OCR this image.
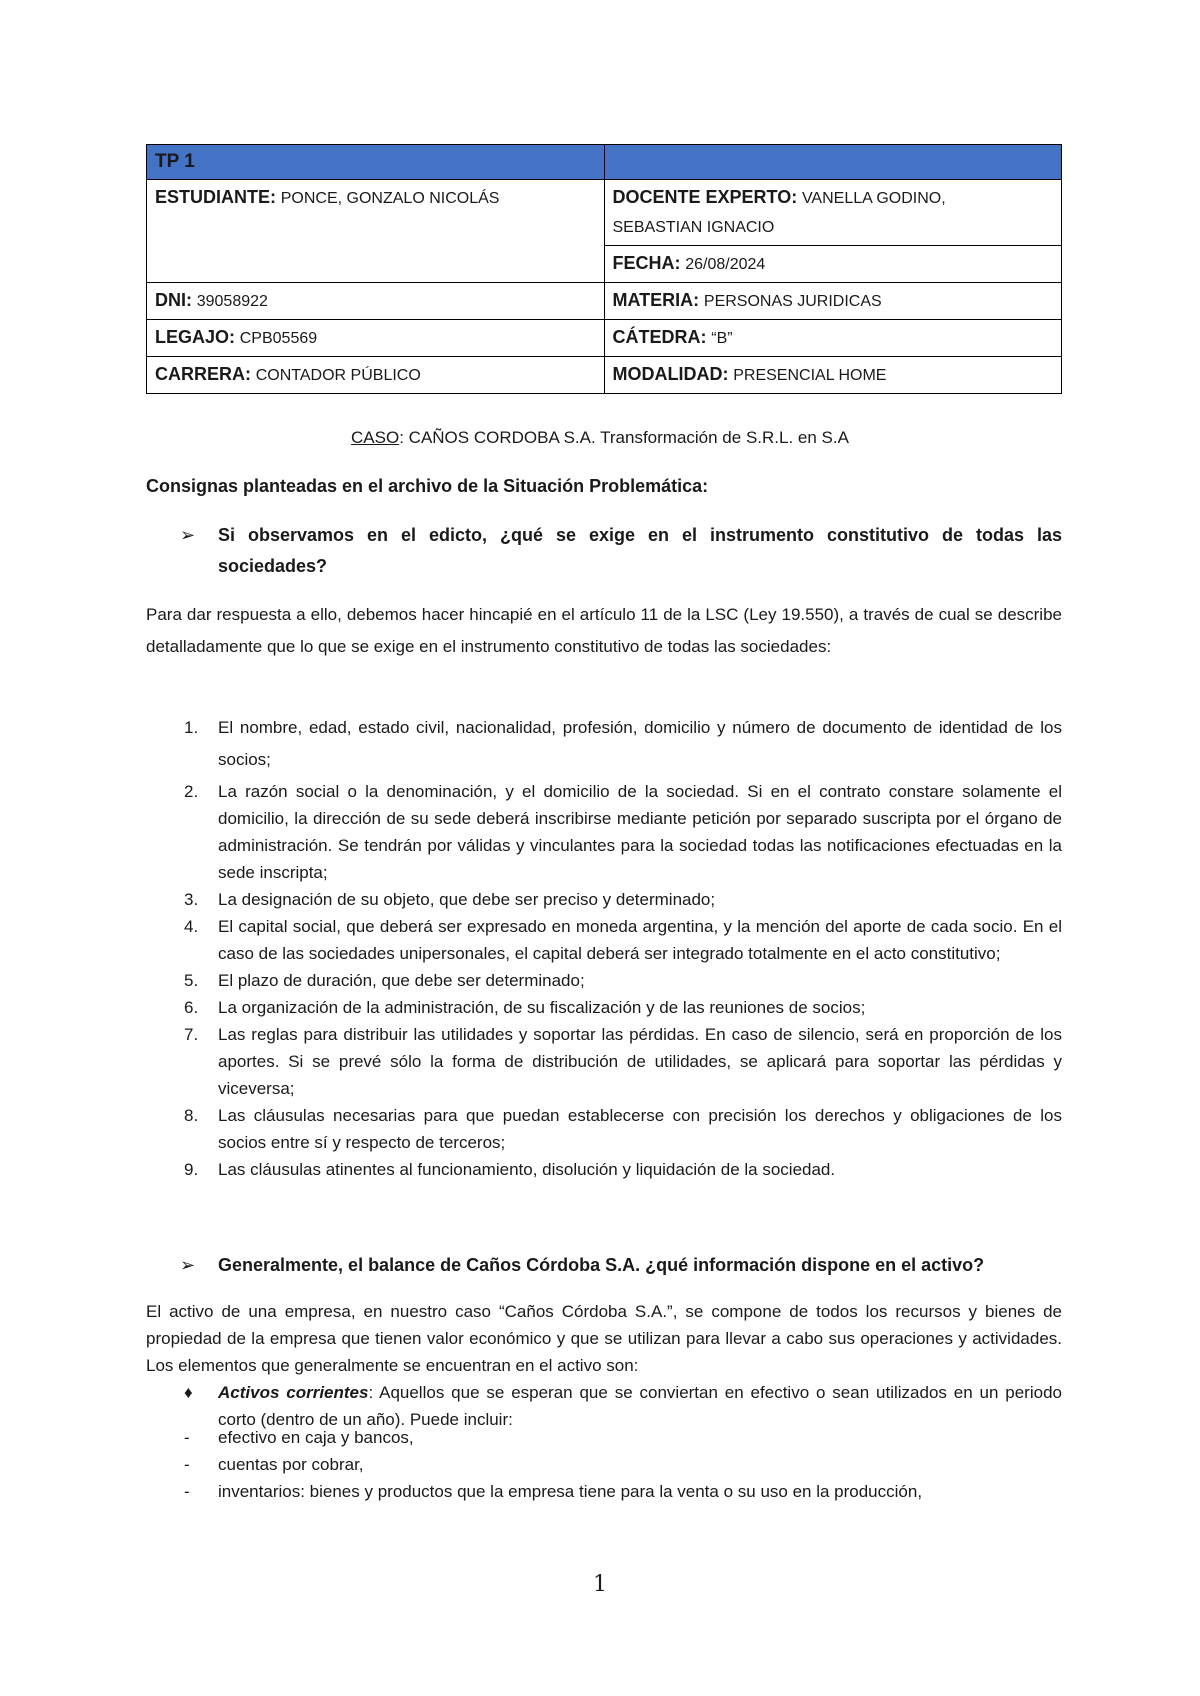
TP 1	
ESTUDIANTE: PONCE, GONZALO NICOLÁS	DOCENTE EXPERTO: VANELLA GODINO,
SEBASTIAN IGNACIO
	FECHA: 26/08/2024
DNI: 39058922	MATERIA: PERSONAS JURIDICAS
LEGAJO: CPB05569	CÁTEDRA: “B”
CARRERA: CONTADOR PÚBLICO	MODALIDAD: PRESENCIAL HOME
CASO: CAÑOS CORDOBA S.A. Transformación de S.R.L. en S.A
Consignas planteadas en el archivo de la Situación Problemática:
➢ Si observamos en el edicto, ¿qué se exige en el instrumento constitutivo de todas las sociedades?
Para dar respuesta a ello, debemos hacer hincapié en el artículo 11 de la LSC (Ley 19.550), a través de cual se describe detalladamente que lo que se exige en el instrumento constitutivo de todas las sociedades:
1. El nombre, edad, estado civil, nacionalidad, profesión, domicilio y número de documento de identidad de los socios;
2. La razón social o la denominación, y el domicilio de la sociedad. Si en el contrato constare solamente el domicilio, la dirección de su sede deberá inscribirse mediante petición por separado suscripta por el órgano de administración. Se tendrán por válidas y vinculantes para la sociedad todas las notificaciones efectuadas en la sede inscripta;
3. La designación de su objeto, que debe ser preciso y determinado;
4. El capital social, que deberá ser expresado en moneda argentina, y la mención del aporte de cada socio. En el caso de las sociedades unipersonales, el capital deberá ser integrado totalmente en el acto constitutivo;
5. El plazo de duración, que debe ser determinado;
6. La organización de la administración, de su fiscalización y de las reuniones de socios;
7. Las reglas para distribuir las utilidades y soportar las pérdidas. En caso de silencio, será en proporción de los aportes. Si se prevé sólo la forma de distribución de utilidades, se aplicará para soportar las pérdidas y viceversa;
8. Las cláusulas necesarias para que puedan establecerse con precisión los derechos y obligaciones de los socios entre sí y respecto de terceros;
9. Las cláusulas atinentes al funcionamiento, disolución y liquidación de la sociedad.
➢ Generalmente, el balance de Caños Córdoba S.A. ¿qué información dispone en el activo?
El activo de una empresa, en nuestro caso “Caños Córdoba S.A.”, se compone de todos los recursos y bienes de propiedad de la empresa que tienen valor económico y que se utilizan para llevar a cabo sus operaciones y actividades. Los elementos que generalmente se encuentran en el activo son:
♦ Activos corrientes: Aquellos que se esperan que se conviertan en efectivo o sean utilizados en un periodo corto (dentro de un año). Puede incluir:
- efectivo en caja y bancos,
- cuentas por cobrar,
- inventarios: bienes y productos que la empresa tiene para la venta o su uso en la producción,
1
